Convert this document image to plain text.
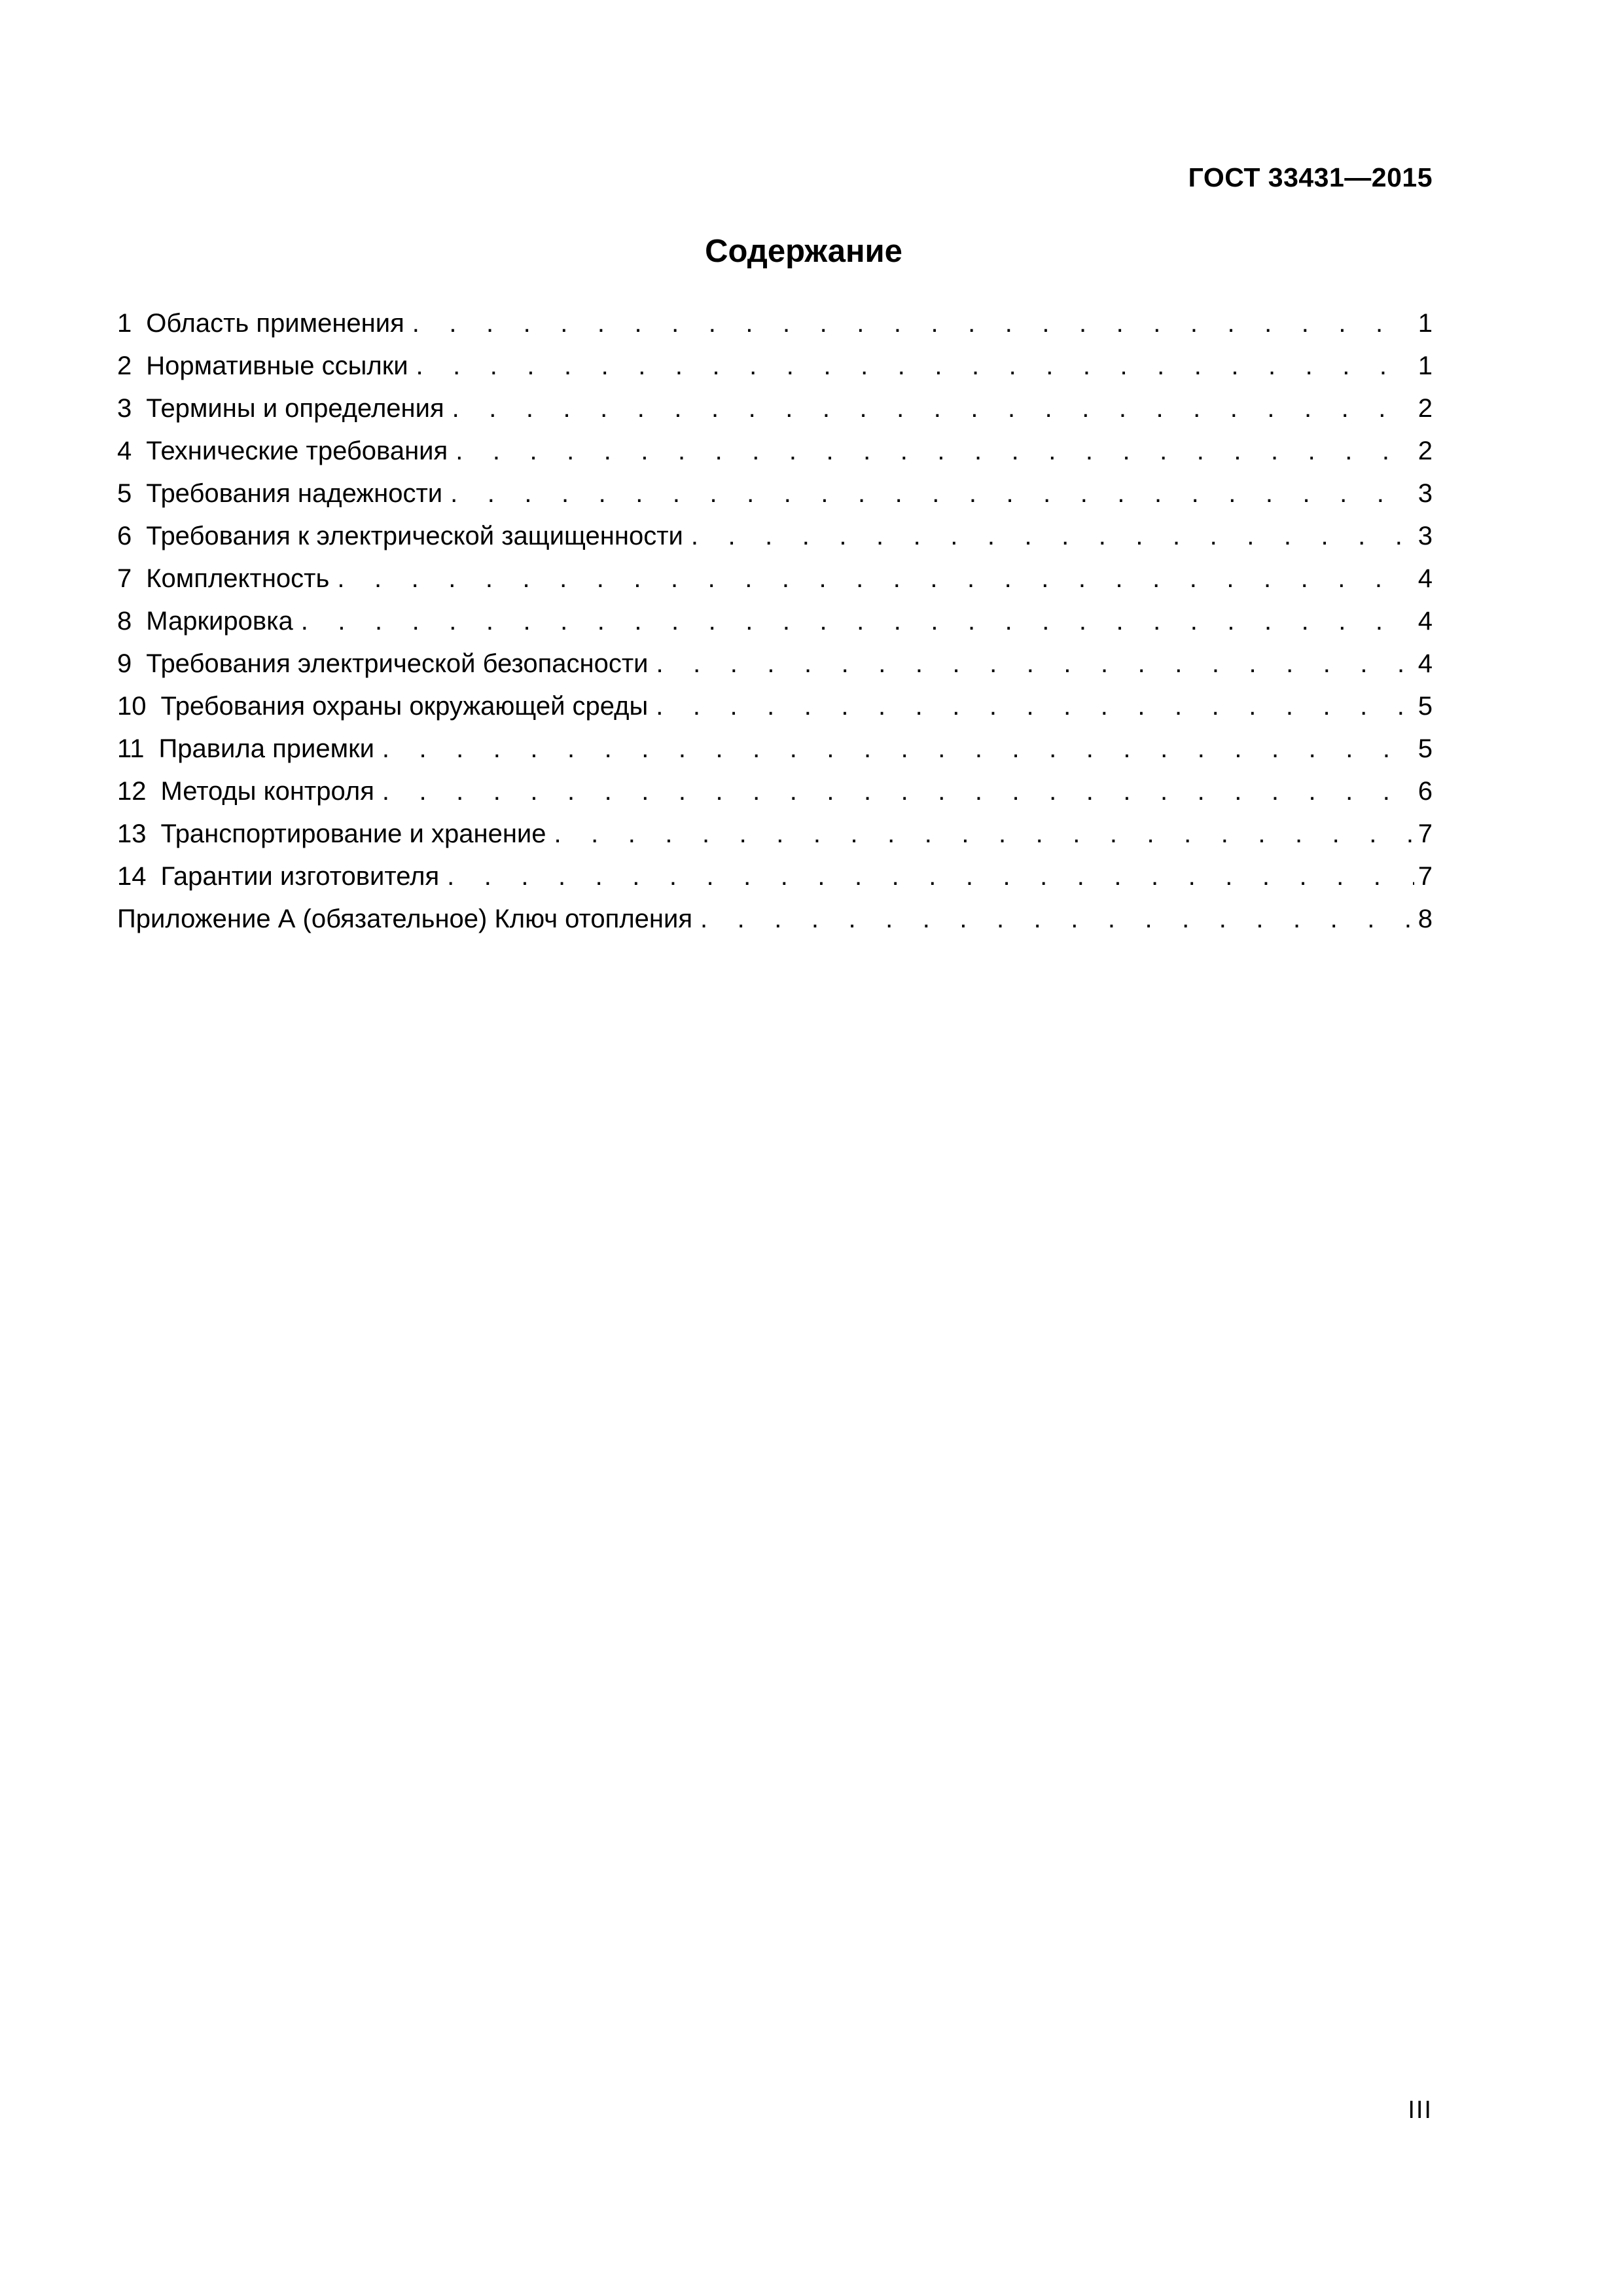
ГОСТ 33431—2015
Содержание
1 Область применения . . .	1
2 Нормативные ссылки . . .	1
3 Термины и определения . . .	2
4 Технические требования . . .	2
5 Требования надежности . . .	3
6 Требования к электрической защищенности . . .	3
7 Комплектность . . .	4
8 Маркировка . . .	4
9 Требования электрической безопасности . . .	4
10 Требования охраны окружающей среды . . .	5
11 Правила приемки . . .	5
12 Методы контроля . . .	6
13 Транспортирование и хранение . . .	7
14 Гарантии изготовителя . . .	7
Приложение А (обязательное) Ключ отопления . . .	8
III
